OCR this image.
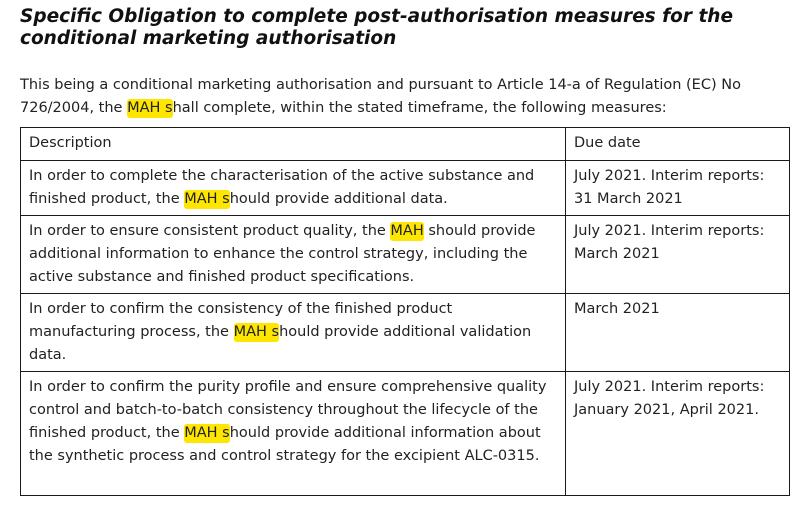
Specific Obligation to complete post-authorisation measures for the conditional marketing authorisation

This being a conditional marketing authorisation and pursuant to Article 14-a of Regulation (EC) No 726/2004, the MAH shall complete, within the stated timeframe, the following measures:

Description	Due date
In order to complete the characterisation of the active substance and finished product, the MAH should provide additional data.	July 2021. Interim reports: 31 March 2021
In order to ensure consistent product quality, the MAH should provide additional information to enhance the control strategy, including the active substance and finished product specifications.	July 2021. Interim reports: March 2021
In order to confirm the consistency of the finished product manufacturing process, the MAH should provide additional validation data.	March 2021
In order to confirm the purity profile and ensure comprehensive quality control and batch-to-batch consistency throughout the lifecycle of the finished product, the MAH should provide additional information about the synthetic process and control strategy for the excipient ALC-0315.	July 2021. Interim reports: January 2021, April 2021.
